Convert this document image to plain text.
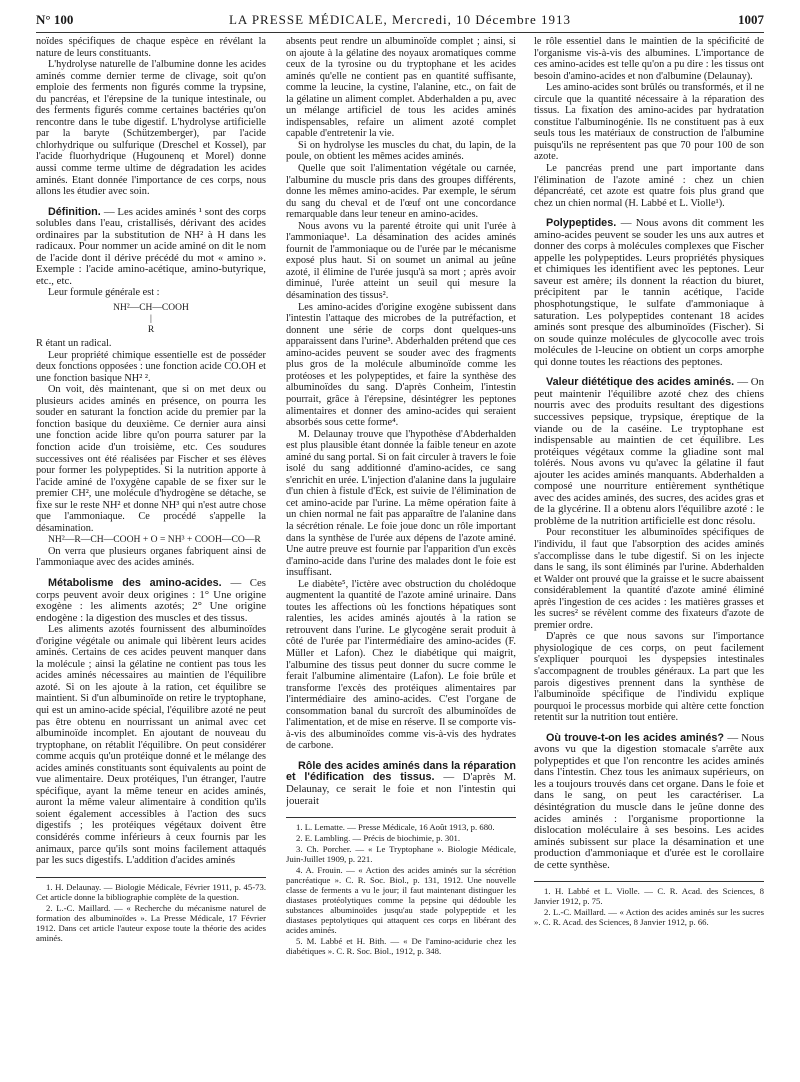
N° 100	LA PRESSE MÉDICALE, Mercredi, 10 Décembre 1913	1007

noïdes spécifiques de chaque espèce en révélant la nature de leurs constituants.

L'hydrolyse naturelle de l'albumine donne les acides aminés comme dernier terme de clivage, soit qu'on emploie des ferments non figurés comme la trypsine, du pancréas, et l'érepsine de la tunique intestinale, ou des ferments figurés comme certaines bactéries qu'on rencontre dans le tube digestif. L'hydrolyse artificielle par la baryte (Schützemberger), par l'acide chlorhydrique ou sulfurique (Dreschel et Kossel), par l'acide fluorhydrique (Hugounenq et Morel) donne aussi comme terme ultime de dégradation les acides aminés. Etant donnée l'importance de ces corps, nous allons les étudier avec soin.

Définition. — Les acides aminés ¹ sont des corps solubles dans l'eau, cristallisés, dérivant des acides ordinaires par la substitution de NH² à H dans les radicaux. Pour nommer un acide aminé on dit le nom de l'acide dont il dérive précédé du mot « amino ». Exemple : l'acide amino-acétique, amino-butyrique, etc., etc.

Leur formule générale est :

NH²—CH—COOH
|
R

R étant un radical.

Leur propriété chimique essentielle est de posséder deux fonctions opposées : une fonction acide CO.OH et une fonction basique NH² ².

On voit, dès maintenant, que si on met deux ou plusieurs acides aminés en présence, on pourra les souder en saturant la fonction acide du premier par la fonction basique du deuxième. Ce dernier aura ainsi une fonction acide libre qu'on pourra saturer par la fonction acide d'un troisième, etc. Ces soudures successives ont été réalisées par Fischer et ses élèves pour former les polypeptides. Si la nutrition apporte à l'acide aminé de l'oxygène capable de se fixer sur le premier CH², une molécule d'hydrogène se détache, se fixe sur le reste NH² et donne NH³ qui n'est autre chose que l'ammoniaque. Ce procédé s'appelle la désamination.

NH²—R—CH—COOH + O = NH³ + COOH—CO—R

On verra que plusieurs organes fabriquent ainsi de l'ammoniaque avec des acides aminés.

Métabolisme des amino-acides. — Ces corps peuvent avoir deux origines : 1° Une origine exogène : les aliments azotés; 2° Une origine endogène : la digestion des muscles et des tissus.

Les aliments azotés fournissent des albuminoïdes d'origine végétale ou animale qui libèrent leurs acides aminés. Certains de ces acides peuvent manquer dans la molécule ; ainsi la gélatine ne contient pas tous les acides aminés nécessaires au maintien de l'équilibre azoté. Si on les ajoute à la ration, cet équilibre se maintient. Si d'un albuminoïde on retire le tryptophane, qui est un amino-acide spécial, l'équilibre azoté ne peut pas être obtenu en nourrissant un animal avec cet albuminoïde incomplet. En ajoutant de nouveau du tryptophane, on rétablit l'équilibre. On peut considérer comme acquis qu'un protéique donné et le mélange des acides aminés constituants sont équivalents au point de vue alimentaire. Deux protéiques, l'un étranger, l'autre spécifique, ayant la même teneur en acides aminés, auront la même valeur alimentaire à condition qu'ils soient également accessibles à l'action des sucs digestifs ; les protéiques végétaux doivent être considérés comme inférieurs à ceux fournis par les animaux, parce qu'ils sont moins facilement attaqués par les sucs digestifs. L'addition d'acides aminés

1. H. Delaunay. — Biologie Médicale, Février 1911, p. 45-73. Cet article donne la bibliographie complète de la question.

2. L.-C. Maillard. — « Recherche du mécanisme naturel de formation des albuminoïdes ». La Presse Médicale, 17 Février 1912. Dans cet article l'auteur expose toute la théorie des acides aminés.

absents peut rendre un albuminoïde complet ; ainsi, si on ajoute à la gélatine des noyaux aromatiques comme ceux de la tyrosine ou du tryptophane et les acides aminés qu'elle ne contient pas en quantité suffisante, comme la leucine, la cystine, l'alanine, etc., on fait de la gélatine un aliment complet. Abderhalden a pu, avec un mélange artificiel de tous les acides aminés indispensables, refaire un aliment azoté complet capable d'entretenir la vie.

Si on hydrolyse les muscles du chat, du lapin, de la poule, on obtient les mêmes acides aminés.

Quelle que soit l'alimentation végétale ou carnée, l'albumine du muscle pris dans des groupes différents, donne les mêmes amino-acides. Par exemple, le sérum du sang du cheval et de l'œuf ont une concordance remarquable dans leur teneur en amino-acides.

Nous avons vu la parenté étroite qui unit l'urée à l'ammoniaque¹. La désamination des acides aminés fournit de l'ammoniaque ou de l'urée par le mécanisme exposé plus haut. Si on soumet un animal au jeûne azoté, il élimine de l'urée jusqu'à sa mort ; après avoir diminué, l'urée atteint un seuil qui mesure la désamination des tissus².

Les amino-acides d'origine exogène subissent dans l'intestin l'attaque des microbes de la putréfaction, et donnent une série de corps dont quelques-uns apparaissent dans l'urine³. Abderhalden prétend que ces amino-acides peuvent se souder avec des fragments plus gros de la molécule albuminoïde comme les protéoses et les polypeptides, et faire la synthèse des albuminoïdes du sang. D'après Conheim, l'intestin pourrait, grâce à l'érepsine, désintégrer les peptones alimentaires et donner des amino-acides qui seraient absorbés sous cette forme⁴.

M. Delaunay trouve que l'hypothèse d'Abderhalden est plus plausible étant donnée la faible teneur en azote aminé du sang portal. Si on fait circuler à travers le foie isolé du sang additionné d'amino-acides, ce sang s'enrichit en urée. L'injection d'alanine dans la jugulaire d'un chien à fistule d'Eck, est suivie de l'élimination de cet amino-acide par l'urine. La même opération faite à un chien normal ne fait pas apparaître de l'alanine dans la sécrétion rénale. Le foie joue donc un rôle important dans la synthèse de l'urée aux dépens de l'azote aminé. Une autre preuve est fournie par l'apparition d'un excès d'amino-acide dans l'urine des malades dont le foie est insuffisant.

Le diabète⁵, l'ictère avec obstruction du cholédoque augmentent la quantité de l'azote aminé urinaire. Dans toutes les affections où les fonctions hépatiques sont ralenties, les acides aminés ajoutés à la ration se retrouvent dans l'urine. Le glycogène serait produit à côté de l'urée par l'intermédiaire des amino-acides (F. Müller et Lafon). Chez le diabétique qui maigrit, l'albumine des tissus peut donner du sucre comme le ferait l'albumine alimentaire (Lafon). Le foie brûle et transforme l'excès des protéiques alimentaires par l'intermédiaire des amino-acides. C'est l'organe de consommation banal du surcroît des albuminoïdes de l'alimentation, et de mise en réserve. Il se comporte vis-à-vis des albuminoïdes comme vis-à-vis des hydrates de carbone.

Rôle des acides aminés dans la réparation et l'édification des tissus. — D'après M. Delaunay, ce serait le foie et non l'intestin qui jouerait

1. L. Lematte. — Presse Médicale, 16 Août 1913, p. 680.

2. E. Lambling. — Précis de biochimie, p. 301.

3. Ch. Porcher. — « Le Tryptophane ». Biologie Médicale, Juin-Juillet 1909, p. 221.

4. A. Frouin. — « Action des acides aminés sur la sécrétion pancréatique ». C. R. Soc. Biol., p. 131, 1912. Une nouvelle classe de ferments a vu le jour; il faut maintenant distinguer les diastases protéolytiques comme la pepsine qui dédouble les substances albuminoïdes jusqu'au stade polypeptide et les diastases peptolytiques qui attaquent ces corps en libérant des acides aminés.

5. M. Labbé et H. Bith. — « De l'amino-acidurie chez les diabétiques ». C. R. Soc. Biol., 1912, p. 348.

le rôle essentiel dans le maintien de la spécificité de l'organisme vis-à-vis des albumines. L'importance de ces amino-acides est telle qu'on a pu dire : les tissus ont besoin d'amino-acides et non d'albumine (Delaunay).

Les amino-acides sont brûlés ou transformés, et il ne circule que la quantité nécessaire à la réparation des tissus. La fixation des amino-acides par hydratation constitue l'albuminogénie. Ils ne constituent pas à eux seuls tous les matériaux de construction de l'albumine puisqu'ils ne représentent pas que 70 pour 100 de son azote.

Le pancréas prend une part importante dans l'élimination de l'azote aminé : chez un chien dépancréaté, cet azote est quatre fois plus grand que chez un chien normal (H. Labbé et L. Violle¹).

Polypeptides. — Nous avons dit comment les amino-acides peuvent se souder les uns aux autres et donner des corps à molécules complexes que Fischer appelle les polypeptides. Leurs propriétés physiques et chimiques les identifient avec les peptones. Leur saveur est amère; ils donnent la réaction du biuret, précipitent par le tannin acétique, l'acide phosphotungstique, le sulfate d'ammoniaque à saturation. Les polypeptides contenant 18 acides aminés sont presque des albuminoïdes (Fischer). Si on soude quinze molécules de glycocolle avec trois molécules de l-leucine on obtient un corps amorphe qui donne toutes les réactions des peptones.
Valeur diététique des acides aminés. — On peut maintenir l'équilibre azoté chez des chiens nourris avec des produits resultant des digestions successives pepsique, trypsique, éreptique de la viande ou de la caséine. Le tryptophane est indispensable au maintien de cet équilibre. Les protéiques végétaux comme la gliadine sont mal tolérés. Nous avons vu qu'avec la gélatine il faut ajouter les acides aminés manquants. Abderhalden a composé une nourriture entièrement synthétique avec des acides aminés, des sucres, des acides gras et de la glycérine. Il a obtenu alors l'équilibre azoté : le problème de la nutrition artificielle est donc résolu.

Pour reconstituer les albuminoïdes spécifiques de l'individu, il faut que l'absorption des acides aminés s'accomplisse dans le tube digestif. Si on les injecte dans le sang, ils sont éliminés par l'urine. Abderhalden et Walder ont prouvé que la graisse et le sucre abaissent considérablement la quantité d'azote aminé éliminé après l'ingestion de ces acides : les matières grasses et les sucres² se révèlent comme des fixateurs d'azote de premier ordre.

D'après ce que nous savons sur l'importance physiologique de ces corps, on peut facilement s'expliquer pourquoi les dyspepsies intestinales s'accompagnent de troubles généraux. La part que les parois digestives prennent dans la synthèse de l'albuminoïde spécifique de l'individu explique pourquoi le processus morbide qui altère cette fonction retentit sur la nutrition tout entière.

Où trouve-t-on les acides aminés? — Nous avons vu que la digestion stomacale s'arrête aux polypeptides et que l'on rencontre les acides aminés dans l'intestin. Chez tous les animaux supérieurs, on les a toujours trouvés dans cet organe. Dans le foie et dans le sang, on peut les caractériser. La désintégration du muscle dans le jeûne donne des acides aminés : l'organisme proportionne la dislocation moléculaire à ses besoins. Les acides aminés subissent sur place la désamination et une production d'ammoniaque et d'urée est le corollaire de cette synthèse.

1. H. Labbé et L. Violle. — C. R. Acad. des Sciences, 8 Janvier 1912, p. 75.

2. L.-C. Maillard. — « Action des acides aminés sur les sucres ». C. R. Acad. des Sciences, 8 Janvier 1912, p. 66.
